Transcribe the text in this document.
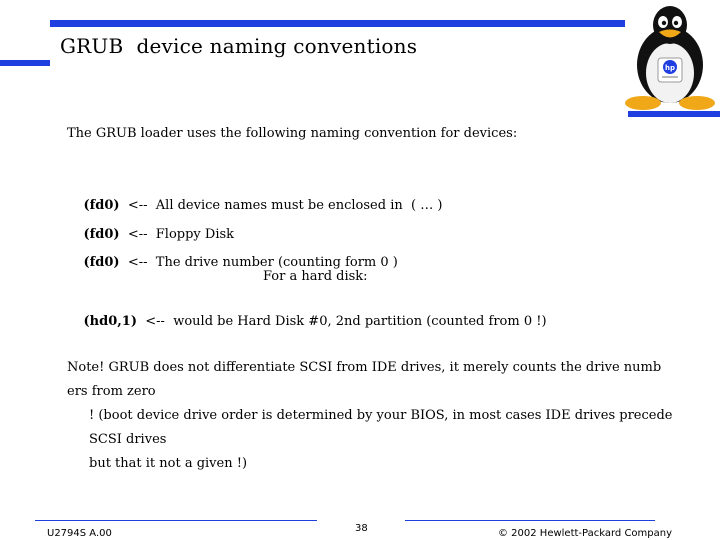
GRUB  device naming conventions
hp
The GRUB loader uses the following naming convention for devices:

(fd0) <--  All device names must be enclosed in  ( … )

(fd0) <--  Floppy Disk

(fd0) <--  The drive number (counting form 0 )

For a hard disk:

(hd0,1) <--  would be Hard Disk #0, 2nd partition (counted from 0 !)

Note! GRUB does not differentiate SCSI from IDE drives, it merely counts the drive numb ers from zero
! (boot device drive order is determined by your BIOS, in most cases IDE drives precede SCSI drives
but that it not a given !)
U2794S A.00	38	© 2002 Hewlett-Packard Company
